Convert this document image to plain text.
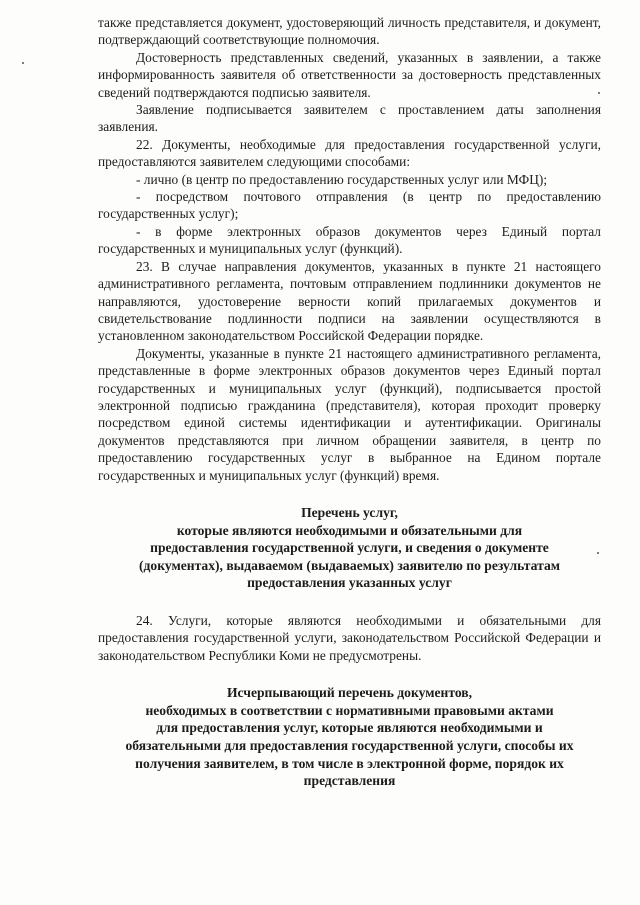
также представляется документ, удостоверяющий личность представителя, и документ, подтверждающий соответствующие полномочия.

Достоверность представленных сведений, указанных в заявлении, а также информированность заявителя об ответственности за достоверность представленных сведений подтверждаются подписью заявителя.

Заявление подписывается заявителем с проставлением даты заполнения заявления.

22. Документы, необходимые для предоставления государственной услуги, предоставляются заявителем следующими способами:

- лично (в центр по предоставлению государственных услуг или МФЦ);

- посредством почтового отправления (в центр по предоставлению государственных услуг);

- в форме электронных образов документов через Единый портал государственных и муниципальных услуг (функций).

23. В случае направления документов, указанных в пункте 21 настоящего административного регламента, почтовым отправлением подлинники документов не направляются, удостоверение верности копий прилагаемых документов и свидетельствование подлинности подписи на заявлении осуществляются в установленном законодательством Российской Федерации порядке.

Документы, указанные в пункте 21 настоящего административного регламента, представленные в форме электронных образов документов через Единый портал государственных и муниципальных услуг (функций), подписывается простой электронной подписью гражданина (представителя), которая проходит проверку посредством единой системы идентификации и аутентификации. Оригиналы документов представляются при личном обращении заявителя, в центр по предоставлению государственных услуг в выбранное на Едином портале государственных и муниципальных услуг (функций) время.

Перечень услуг,

которые являются необходимыми и обязательными для

предоставления государственной услуги, и сведения о документе

(документах), выдаваемом (выдаваемых) заявителю по результатам

предоставления указанных услуг

24. Услуги, которые являются необходимыми и обязательными для предоставления государственной услуги, законодательством Российской Федерации и законодательством Республики Коми не предусмотрены.

Исчерпывающий перечень документов,

необходимых в соответствии с нормативными правовыми актами

для предоставления услуг, которые являются необходимыми и

обязательными для предоставления государственной услуги, способы их

получения заявителем, в том числе в электронной форме, порядок их

представления
